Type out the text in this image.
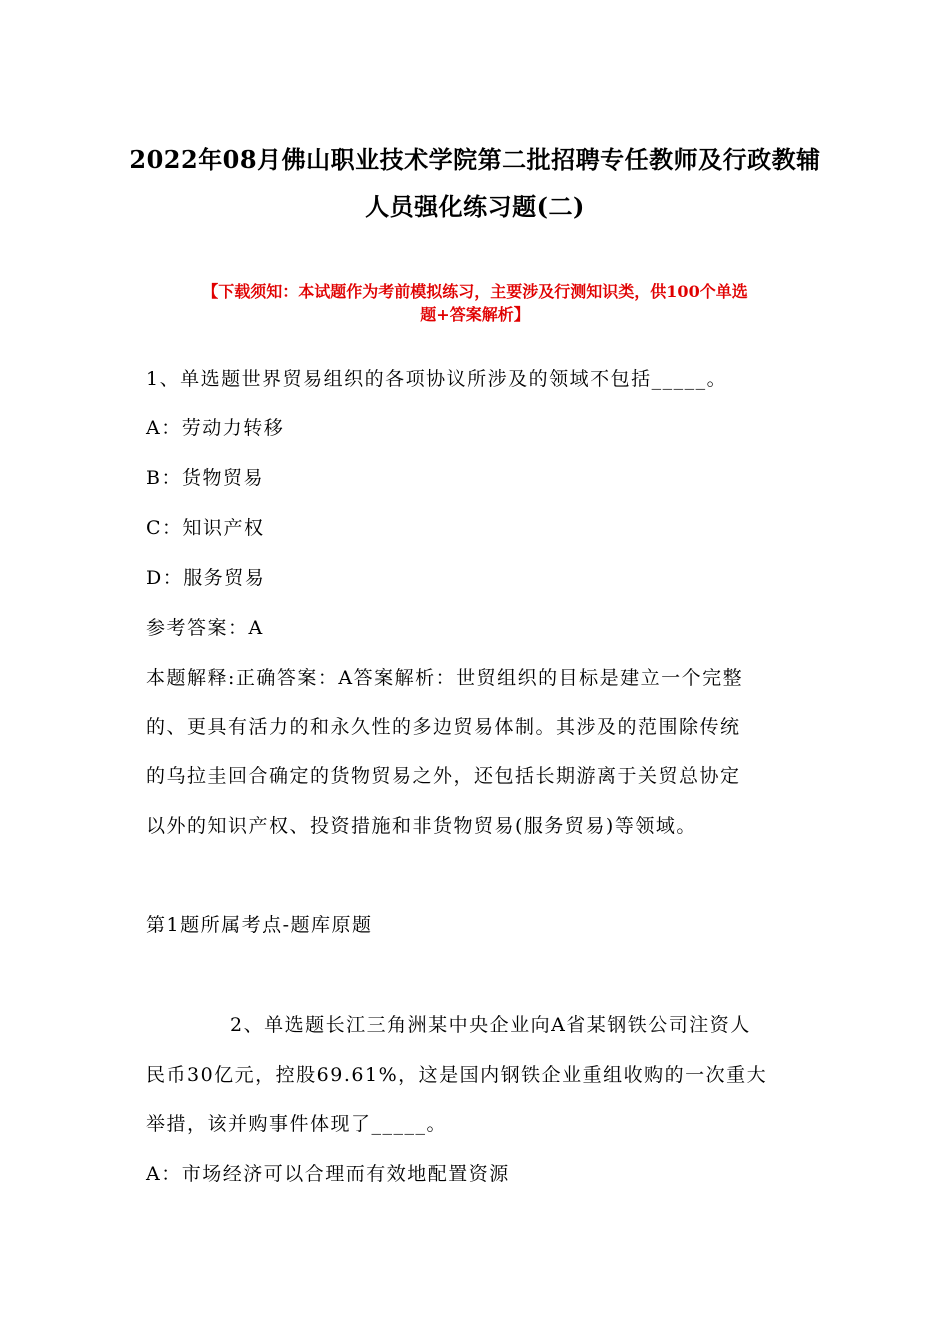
2022年08月佛山职业技术学院第二批招聘专任教师及行政教辅
人员强化练习题(二)
【下载须知：本试题作为考前模拟练习，主要涉及行测知识类，供100个单选
题+答案解析】
1、单选题世界贸易组织的各项协议所涉及的领域不包括_____。
A：劳动力转移
B：货物贸易
C：知识产权
D：服务贸易
参考答案：A
本题解释:正确答案：A答案解析：世贸组织的目标是建立一个完整
的、更具有活力的和永久性的多边贸易体制。其涉及的范围除传统
的乌拉圭回合确定的货物贸易之外，还包括长期游离于关贸总协定
以外的知识产权、投资措施和非货物贸易(服务贸易)等领域。
第1题所属考点-题库原题
2、单选题长江三角洲某中央企业向A省某钢铁公司注资人
民币30亿元，控股69.61%，这是国内钢铁企业重组收购的一次重大
举措，该并购事件体现了_____。
A：市场经济可以合理而有效地配置资源
